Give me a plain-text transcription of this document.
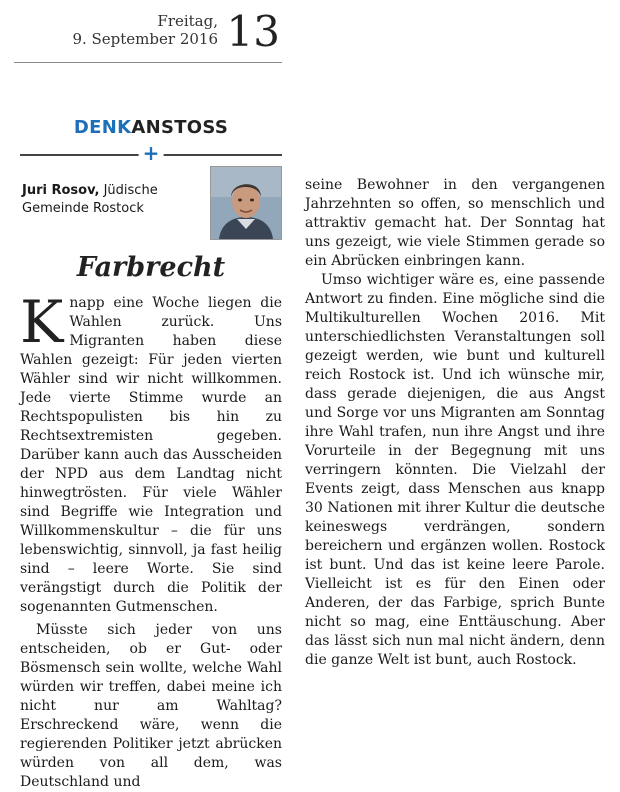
Freitag,
9. September 2016 13
DENKANSTOSS
+
Juri Rosov, Jüdische Gemeinde Rostock
Farbrecht

Knapp eine Woche liegen die Wahlen zurück. Uns Migranten haben diese Wahlen gezeigt: Für jeden vierten Wähler sind wir nicht willkommen. Jede vierte Stimme wurde an Rechtspopulisten bis hin zu Rechtsextremisten gegeben. Darüber kann auch das Ausscheiden der NPD aus dem Landtag nicht hinwegtrösten. Für viele Wähler sind Begriffe wie Integration und Willkommenskultur – die für uns lebenswichtig, sinnvoll, ja fast heilig sind – leere Worte. Sie sind verängstigt durch die Politik der sogenannten Gutmenschen.

Müsste sich jeder von uns entscheiden, ob er Gut- oder Bösmensch sein wollte, welche Wahl würden wir treffen, dabei meine ich nicht nur am Wahltag? Erschreckend wäre, wenn die regierenden Politiker jetzt abrücken würden von all dem, was Deutschland und

seine Bewohner in den vergangenen Jahrzehnten so offen, so menschlich und attraktiv gemacht hat. Der Sonntag hat uns gezeigt, wie viele Stimmen gerade so ein Abrücken einbringen kann.

Umso wichtiger wäre es, eine passende Antwort zu finden. Eine mögliche sind die Multikulturellen Wochen 2016. Mit unterschiedlichsten Veranstaltungen soll gezeigt werden, wie bunt und kulturell reich Rostock ist. Und ich wünsche mir, dass gerade diejenigen, die aus Angst und Sorge vor uns Migranten am Sonntag ihre Wahl trafen, nun ihre Angst und ihre Vorurteile in der Begegnung mit uns verringern könnten. Die Vielzahl der Events zeigt, dass Menschen aus knapp 30 Nationen mit ihrer Kultur die deutsche keineswegs verdrängen, sondern bereichern und ergänzen wollen. Rostock ist bunt. Und das ist keine leere Parole. Vielleicht ist es für den Einen oder Anderen, der das Farbige, sprich Bunte nicht so mag, eine Enttäuschung. Aber das lässt sich nun mal nicht ändern, denn die ganze Welt ist bunt, auch Rostock.
